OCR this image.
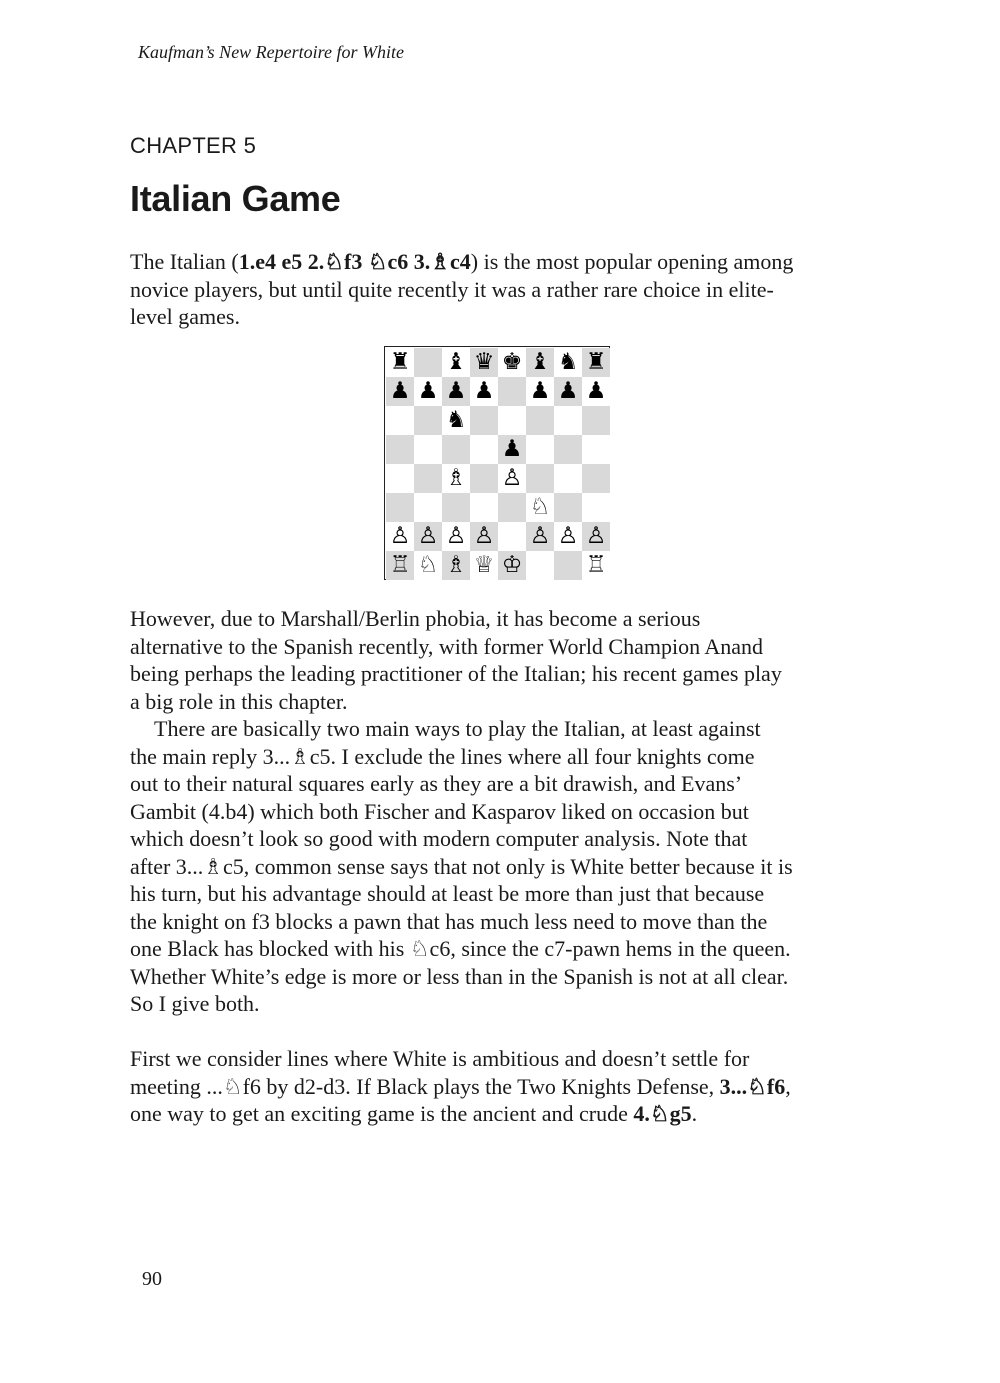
Kaufman’s New Repertoire for White
CHAPTER 5
Italian Game

The Italian (1.e4 e5 2.♘f3 ♘c6 3.♗c4) is the most popular opening among
novice players, but until quite recently it was a rather rare choice in elite-
level games.

♜ ♝ ♛ ♚ ♝ ♞ ♜
♟ ♟ ♟ ♟ ♟ ♟ ♟
♞
♟
♗ ♙
♘
♙ ♙ ♙ ♙ ♙ ♙ ♙
♖ ♘ ♗ ♕ ♔	♖

However, due to Marshall/Berlin phobia, it has become a serious
alternative to the Spanish recently, with former World Champion Anand
being perhaps the leading practitioner of the Italian; his recent games play
a big role in this chapter.

There are basically two main ways to play the Italian, at least against
the main reply 3...♗c5. I exclude the lines where all four knights come
out to their natural squares early as they are a bit drawish, and Evans’
Gambit (4.b4) which both Fischer and Kasparov liked on occasion but
which doesn’t look so good with modern computer analysis. Note that
after 3...♗c5, common sense says that not only is White better because it is
his turn, but his advantage should at least be more than just that because
the knight on f3 blocks a pawn that has much less need to move than the
one Black has blocked with his ♘c6, since the c7-pawn hems in the queen.
Whether White’s edge is more or less than in the Spanish is not at all clear.
So I give both.

First we consider lines where White is ambitious and doesn’t settle for
meeting ...♘f6 by d2-d3. If Black plays the Two Knights Defense, 3...♘f6,
one way to get an exciting game is the ancient and crude 4.♘g5.

90
